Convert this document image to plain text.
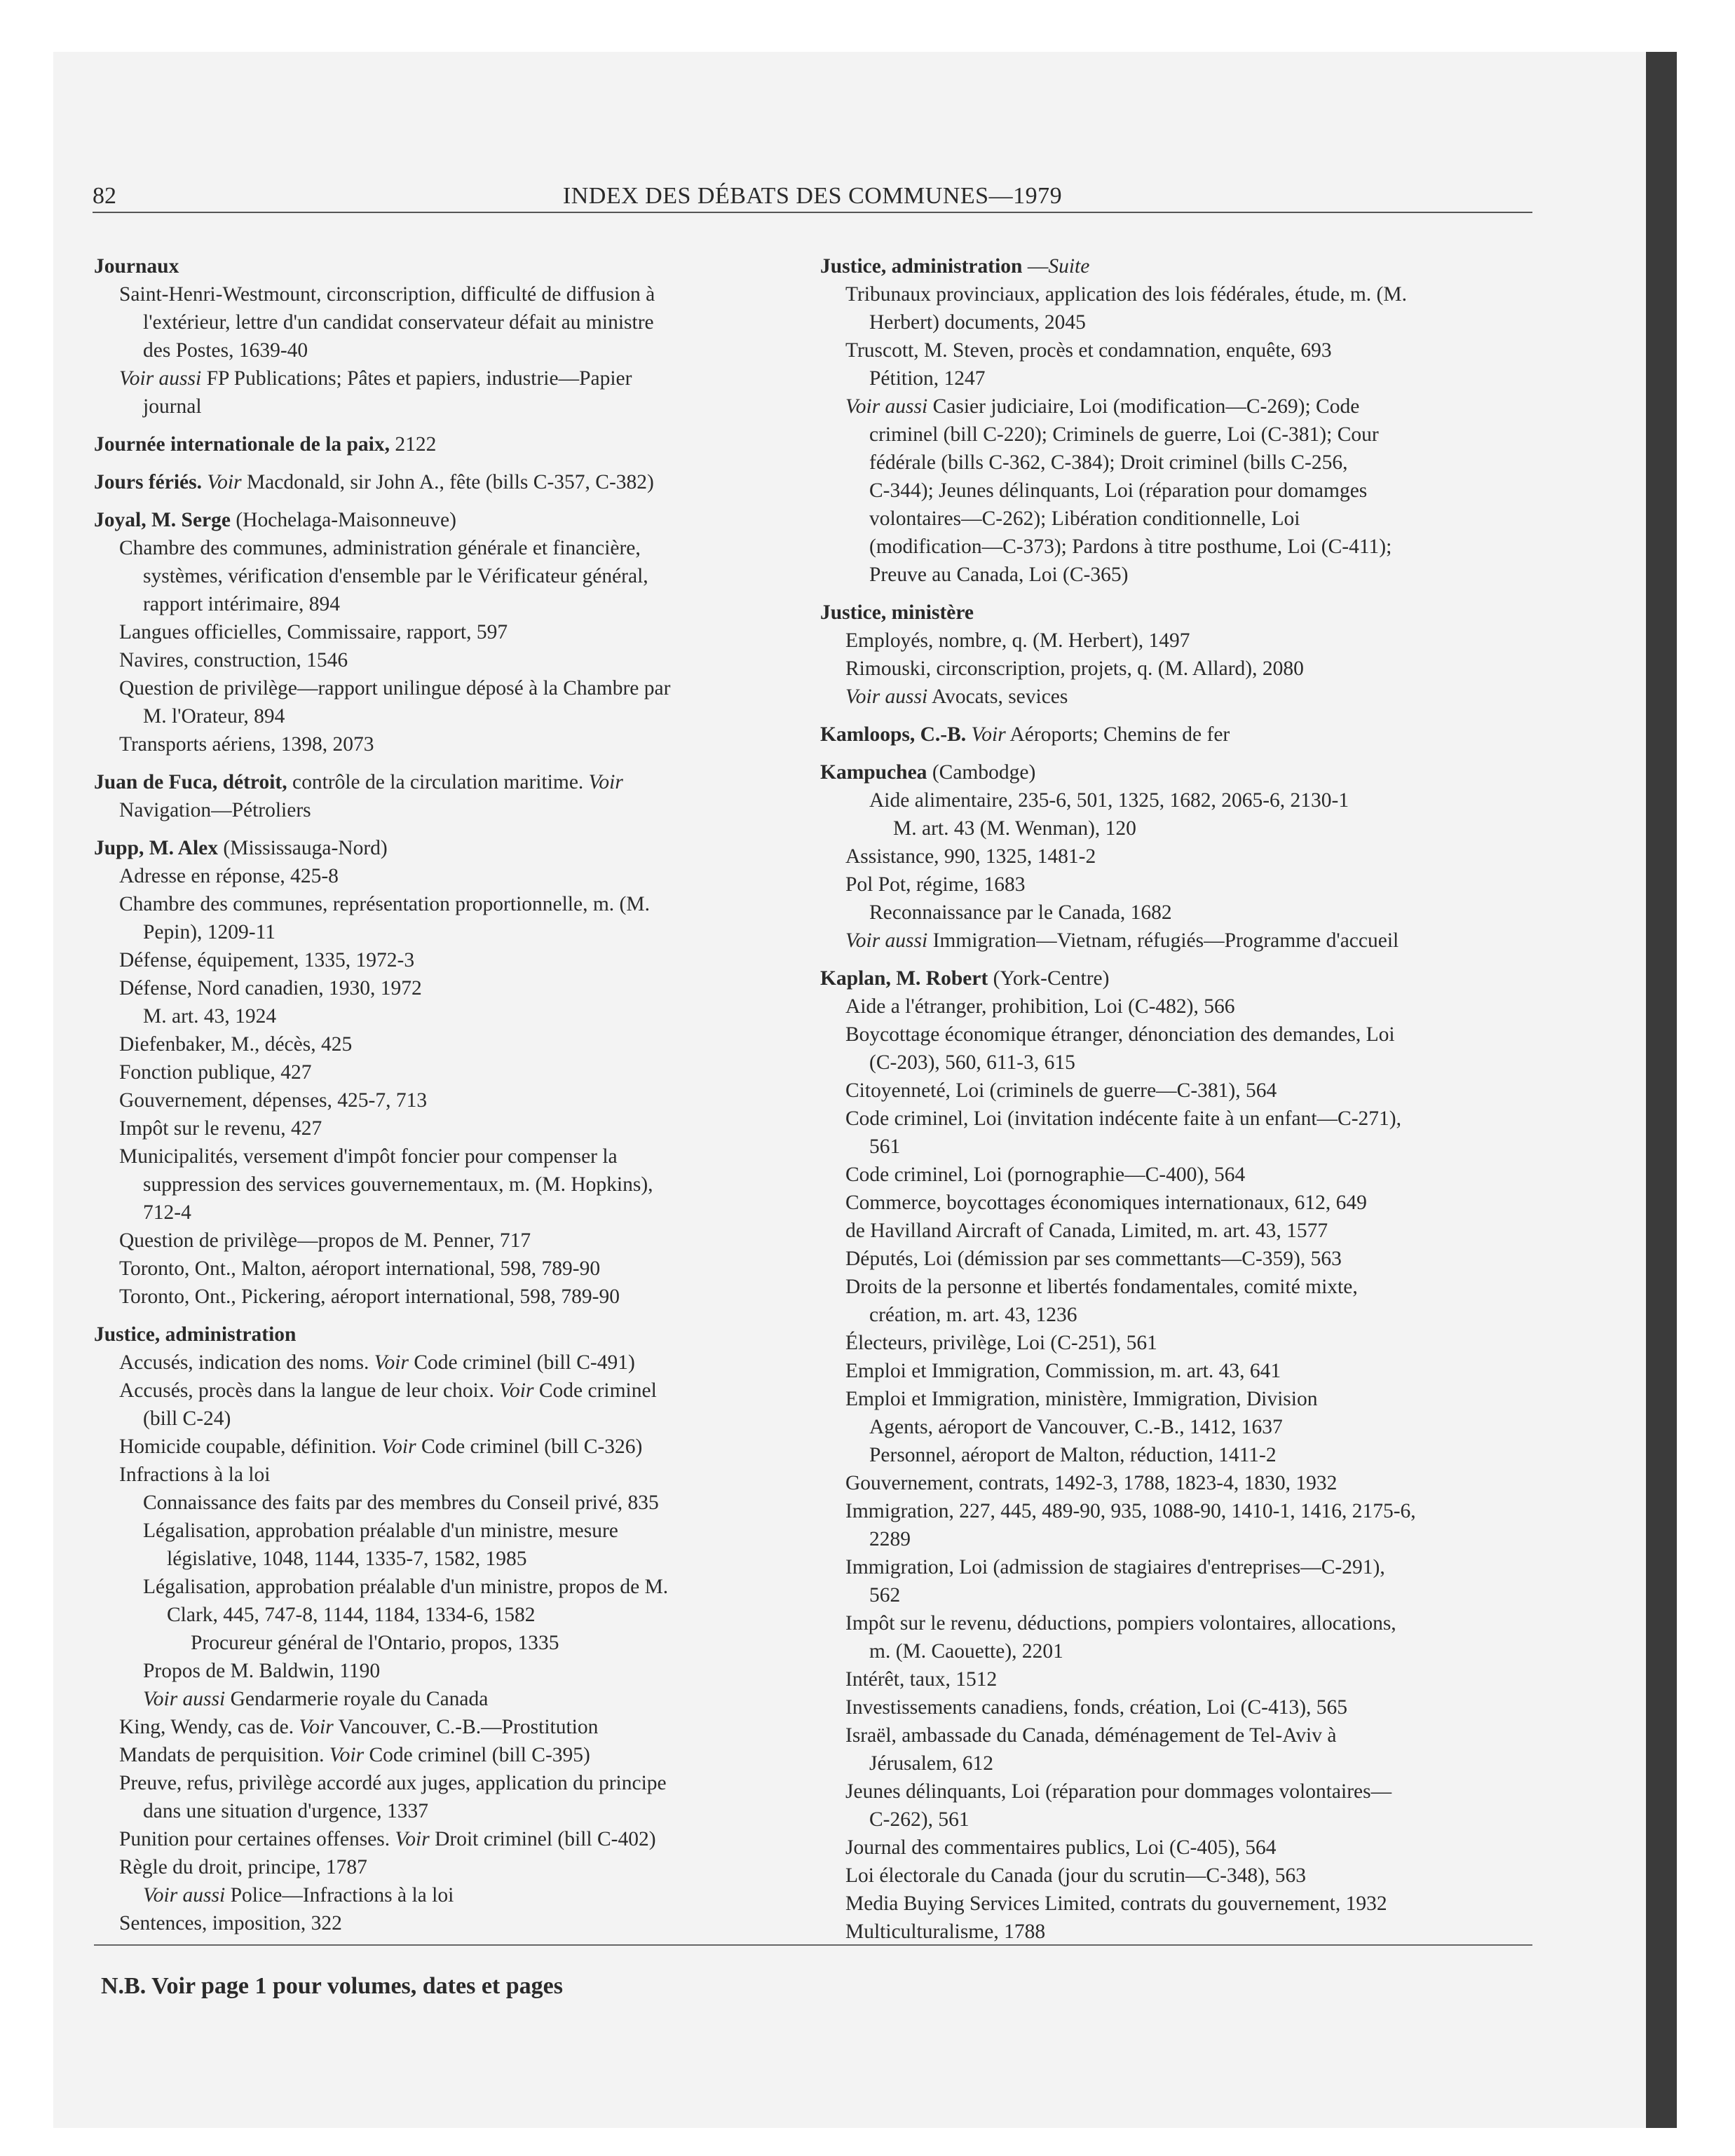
82	INDEX DES DÉBATS DES COMMUNES—1979
Journaux
Saint-Henri-Westmount, circonscription, difficulté de diffusion à
l'extérieur, lettre d'un candidat conservateur défait au ministre
des Postes, 1639-40
Voir aussi FP Publications; Pâtes et papiers, industrie—Papier
journal
Journée internationale de la paix, 2122
Jours fériés. Voir Macdonald, sir John A., fête (bills C-357, C-382)
Joyal, M. Serge (Hochelaga-Maisonneuve)
Chambre des communes, administration générale et financière,
systèmes, vérification d'ensemble par le Vérificateur général,
rapport intérimaire, 894
Langues officielles, Commissaire, rapport, 597
Navires, construction, 1546
Question de privilège—rapport unilingue déposé à la Chambre par
M. l'Orateur, 894
Transports aériens, 1398, 2073
Juan de Fuca, détroit, contrôle de la circulation maritime. Voir
Navigation—Pétroliers
Jupp, M. Alex (Mississauga-Nord)
Adresse en réponse, 425-8
Chambre des communes, représentation proportionnelle, m. (M.
Pepin), 1209-11
Défense, équipement, 1335, 1972-3
Défense, Nord canadien, 1930, 1972
M. art. 43, 1924
Diefenbaker, M., décès, 425
Fonction publique, 427
Gouvernement, dépenses, 425-7, 713
Impôt sur le revenu, 427
Municipalités, versement d'impôt foncier pour compenser la
suppression des services gouvernementaux, m. (M. Hopkins),
712-4
Question de privilège—propos de M. Penner, 717
Toronto, Ont., Malton, aéroport international, 598, 789-90
Toronto, Ont., Pickering, aéroport international, 598, 789-90
Justice, administration
Accusés, indication des noms. Voir Code criminel (bill C-491)
Accusés, procès dans la langue de leur choix. Voir Code criminel
(bill C-24)
Homicide coupable, définition. Voir Code criminel (bill C-326)
Infractions à la loi
Connaissance des faits par des membres du Conseil privé, 835
Légalisation, approbation préalable d'un ministre, mesure
législative, 1048, 1144, 1335-7, 1582, 1985
Légalisation, approbation préalable d'un ministre, propos de M.
Clark, 445, 747-8, 1144, 1184, 1334-6, 1582
Procureur général de l'Ontario, propos, 1335
Propos de M. Baldwin, 1190
Voir aussi Gendarmerie royale du Canada
King, Wendy, cas de. Voir Vancouver, C.-B.—Prostitution
Mandats de perquisition. Voir Code criminel (bill C-395)
Preuve, refus, privilège accordé aux juges, application du principe
dans une situation d'urgence, 1337
Punition pour certaines offenses. Voir Droit criminel (bill C-402)
Règle du droit, principe, 1787
Voir aussi Police—Infractions à la loi
Sentences, imposition, 322
Justice, administration —Suite
Tribunaux provinciaux, application des lois fédérales, étude, m. (M.
Herbert) documents, 2045
Truscott, M. Steven, procès et condamnation, enquête, 693
Pétition, 1247
Voir aussi Casier judiciaire, Loi (modification—C-269); Code
criminel (bill C-220); Criminels de guerre, Loi (C-381); Cour
fédérale (bills C-362, C-384); Droit criminel (bills C-256,
C-344); Jeunes délinquants, Loi (réparation pour domamges
volontaires—C-262); Libération conditionnelle, Loi
(modification—C-373); Pardons à titre posthume, Loi (C-411);
Preuve au Canada, Loi (C-365)
Justice, ministère
Employés, nombre, q. (M. Herbert), 1497
Rimouski, circonscription, projets, q. (M. Allard), 2080
Voir aussi Avocats, sevices
Kamloops, C.-B. Voir Aéroports; Chemins de fer
Kampuchea (Cambodge)
Aide alimentaire, 235-6, 501, 1325, 1682, 2065-6, 2130-1
M. art. 43 (M. Wenman), 120
Assistance, 990, 1325, 1481-2
Pol Pot, régime, 1683
Reconnaissance par le Canada, 1682
Voir aussi Immigration—Vietnam, réfugiés—Programme d'accueil
Kaplan, M. Robert (York-Centre)
Aide a l'étranger, prohibition, Loi (C-482), 566
Boycottage économique étranger, dénonciation des demandes, Loi
(C-203), 560, 611-3, 615
Citoyenneté, Loi (criminels de guerre—C-381), 564
Code criminel, Loi (invitation indécente faite à un enfant—C-271),
561
Code criminel, Loi (pornographie—C-400), 564
Commerce, boycottages économiques internationaux, 612, 649
de Havilland Aircraft of Canada, Limited, m. art. 43, 1577
Députés, Loi (démission par ses commettants—C-359), 563
Droits de la personne et libertés fondamentales, comité mixte,
création, m. art. 43, 1236
Électeurs, privilège, Loi (C-251), 561
Emploi et Immigration, Commission, m. art. 43, 641
Emploi et Immigration, ministère, Immigration, Division
Agents, aéroport de Vancouver, C.-B., 1412, 1637
Personnel, aéroport de Malton, réduction, 1411-2
Gouvernement, contrats, 1492-3, 1788, 1823-4, 1830, 1932
Immigration, 227, 445, 489-90, 935, 1088-90, 1410-1, 1416, 2175-6,
2289
Immigration, Loi (admission de stagiaires d'entreprises—C-291),
562
Impôt sur le revenu, déductions, pompiers volontaires, allocations,
m. (M. Caouette), 2201
Intérêt, taux, 1512
Investissements canadiens, fonds, création, Loi (C-413), 565
Israël, ambassade du Canada, déménagement de Tel-Aviv à
Jérusalem, 612
Jeunes délinquants, Loi (réparation pour dommages volontaires—
C-262), 561
Journal des commentaires publics, Loi (C-405), 564
Loi électorale du Canada (jour du scrutin—C-348), 563
Media Buying Services Limited, contrats du gouvernement, 1932
Multiculturalisme, 1788
N.B. Voir page 1 pour volumes, dates et pages
